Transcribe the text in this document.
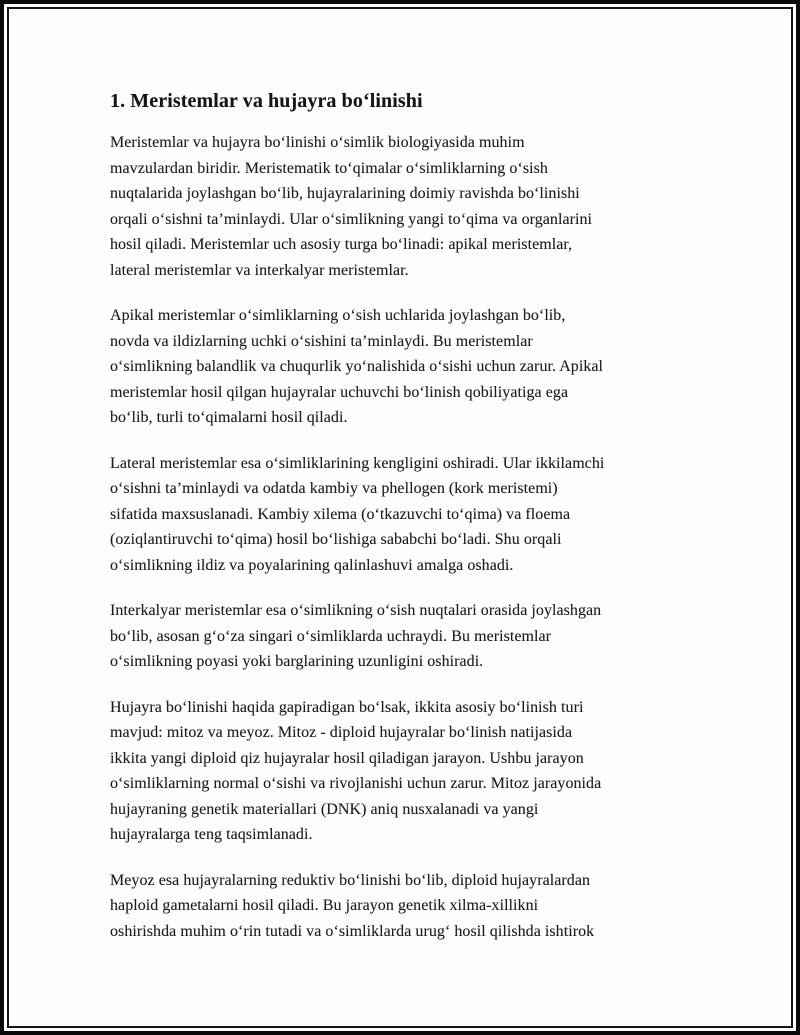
1. Meristemlar va hujayra bo‘linishi

Meristemlar va hujayra bo‘linishi o‘simlik biologiyasida muhim
mavzulardan biridir. Meristematik to‘qimalar o‘simliklarning o‘sish
nuqtalarida joylashgan bo‘lib, hujayralarining doimiy ravishda bo‘linishi
orqali o‘sishni ta’minlaydi. Ular o‘simlikning yangi to‘qima va organlarini
hosil qiladi. Meristemlar uch asosiy turga bo‘linadi: apikal meristemlar,
lateral meristemlar va interkalyar meristemlar.

Apikal meristemlar o‘simliklarning o‘sish uchlarida joylashgan bo‘lib,
novda va ildizlarning uchki o‘sishini ta’minlaydi. Bu meristemlar
o‘simlikning balandlik va chuqurlik yo‘nalishida o‘sishi uchun zarur. Apikal
meristemlar hosil qilgan hujayralar uchuvchi bo‘linish qobiliyatiga ega
bo‘lib, turli to‘qimalarni hosil qiladi.

Lateral meristemlar esa o‘simliklarining kengligini oshiradi. Ular ikkilamchi
o‘sishni ta’minlaydi va odatda kambiy va phellogen (kork meristemi)
sifatida maxsuslanadi. Kambiy xilema (o‘tkazuvchi to‘qima) va floema
(oziqlantiruvchi to‘qima) hosil bo‘lishiga sababchi bo‘ladi. Shu orqali
o‘simlikning ildiz va poyalarining qalinlashuvi amalga oshadi.

Interkalyar meristemlar esa o‘simlikning o‘sish nuqtalari orasida joylashgan
bo‘lib, asosan g‘o‘za singari o‘simliklarda uchraydi. Bu meristemlar
o‘simlikning poyasi yoki barglarining uzunligini oshiradi.

Hujayra bo‘linishi haqida gapiradigan bo‘lsak, ikkita asosiy bo‘linish turi
mavjud: mitoz va meyoz. Mitoz - diploid hujayralar bo‘linish natijasida
ikkita yangi diploid qiz hujayralar hosil qiladigan jarayon. Ushbu jarayon
o‘simliklarning normal o‘sishi va rivojlanishi uchun zarur. Mitoz jarayonida
hujayraning genetik materiallari (DNK) aniq nusxalanadi va yangi
hujayralarga teng taqsimlanadi.

Meyoz esa hujayralarning reduktiv bo‘linishi bo‘lib, diploid hujayralardan
haploid gametalarni hosil qiladi. Bu jarayon genetik xilma-xillikni
oshirishda muhim o‘rin tutadi va o‘simliklarda urug‘ hosil qilishda ishtirok
